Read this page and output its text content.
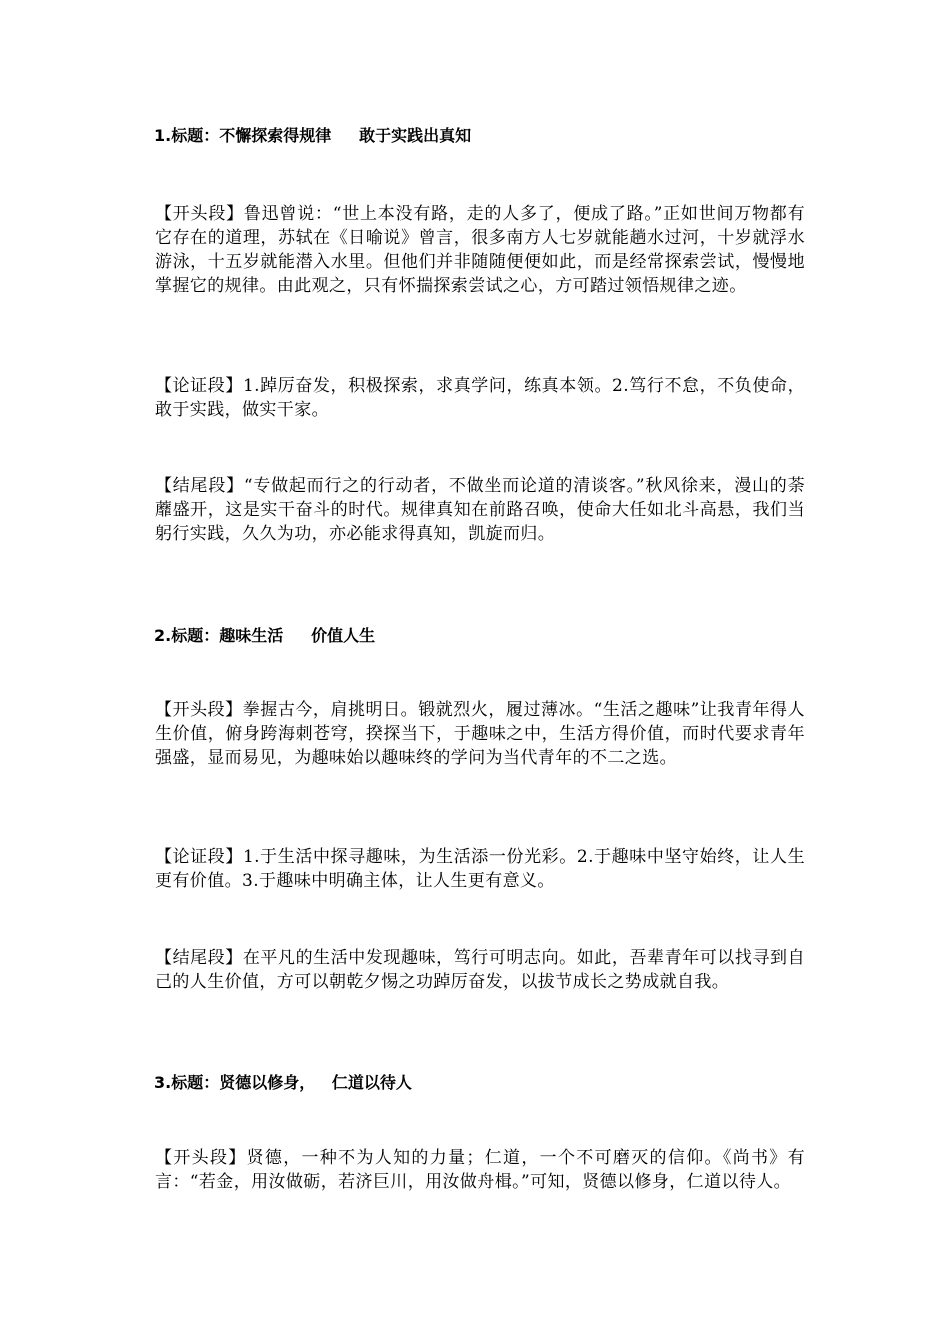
1.标题：不懈探索得规律     敢于实践出真知

【开头段】鲁迅曾说：“世上本没有路，走的人多了，便成了路。”正如世间万物都有它存在的道理，苏轼在《日喻说》曾言，很多南方人七岁就能趟水过河，十岁就浮水游泳，十五岁就能潜入水里。但他们并非随随便便如此，而是经常探索尝试，慢慢地掌握它的规律。由此观之，只有怀揣探索尝试之心，方可踏过领悟规律之迹。

【论证段】1.踔厉奋发，积极探索，求真学问，练真本领。2.笃行不怠，不负使命，敢于实践，做实干家。

【结尾段】“专做起而行之的行动者，不做坐而论道的清谈客。”秋风徐来，漫山的荼蘼盛开，这是实干奋斗的时代。规律真知在前路召唤，使命大任如北斗高悬，我们当躬行实践，久久为功，亦必能求得真知，凯旋而归。

2.标题：趣味生活     价值人生

【开头段】拳握古今，肩挑明日。锻就烈火，履过薄冰。“生活之趣味”让我青年得人生价值，俯身跨海刺苍穹，揆探当下，于趣味之中，生活方得价值，而时代要求青年强盛，显而易见，为趣味始以趣味终的学问为当代青年的不二之选。

【论证段】1.于生活中探寻趣味，为生活添一份光彩。2.于趣味中坚守始终，让人生更有价值。3.于趣味中明确主体，让人生更有意义。

【结尾段】在平凡的生活中发现趣味，笃行可明志向。如此，吾辈青年可以找寻到自己的人生价值，方可以朝乾夕惕之功踔厉奋发，以拔节成长之势成就自我。

3.标题：贤德以修身，   仁道以待人

【开头段】贤德，一种不为人知的力量；仁道，一个不可磨灭的信仰。《尚书》有言：“若金，用汝做砺，若济巨川，用汝做舟楫。”可知，贤德以修身，仁道以待人。
